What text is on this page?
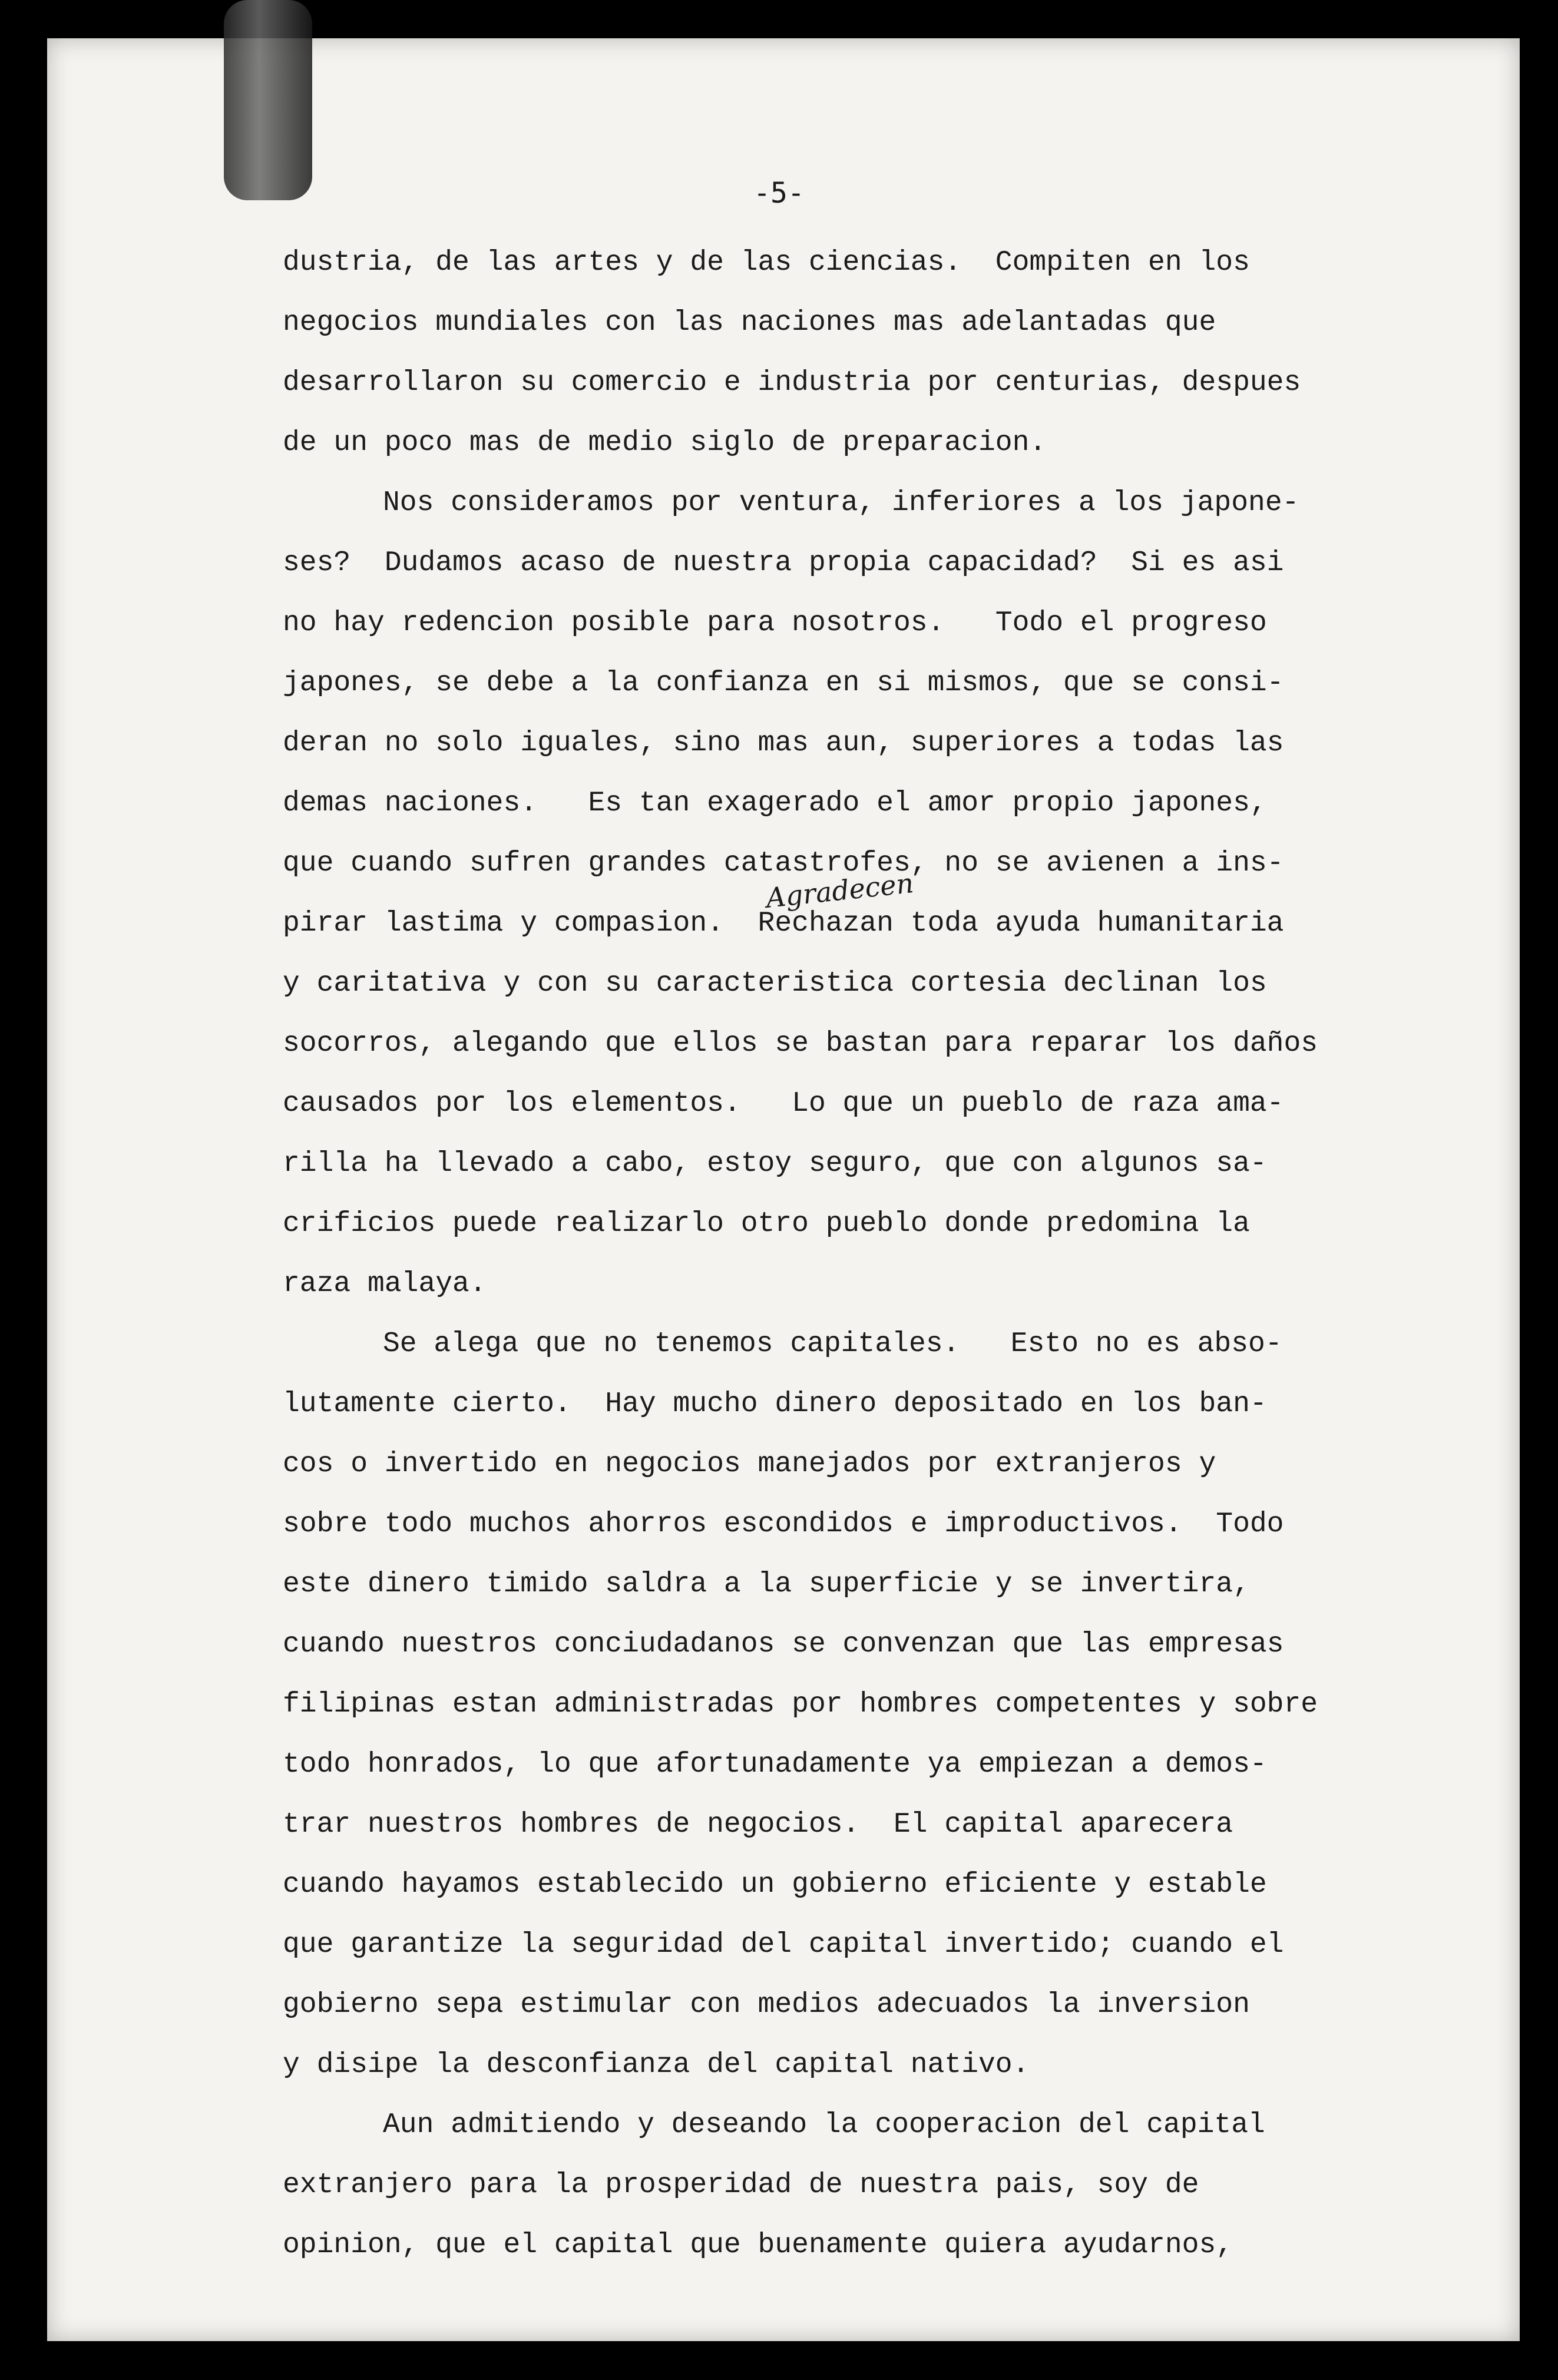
-5-
dustria, de las artes y de las ciencias.  Compiten en los
negocios mundiales con las naciones mas adelantadas que
desarrollaron su comercio e industria por centurias, despues
de un poco mas de medio siglo de preparacion.
Nos consideramos por ventura, inferiores a los japone-
ses?  Dudamos acaso de nuestra propia capacidad?  Si es asi
no hay redencion posible para nosotros.   Todo el progreso
japones, se debe a la confianza en si mismos, que se consi-
deran no solo iguales, sino mas aun, superiores a todas las
demas naciones.   Es tan exagerado el amor propio japones,
que cuando sufren grandes catastrofes, no se avienen a ins-
pirar lastima y compasion.  Rechazan toda ayuda humanitaria
y caritativa y con su caracteristica cortesia declinan los
socorros, alegando que ellos se bastan para reparar los daños
causados por los elementos.   Lo que un pueblo de raza ama-
rilla ha llevado a cabo, estoy seguro, que con algunos sa-
crificios puede realizarlo otro pueblo donde predomina la
raza malaya.
Se alega que no tenemos capitales.   Esto no es abso-
lutamente cierto.  Hay mucho dinero depositado en los ban-
cos o invertido en negocios manejados por extranjeros y
sobre todo muchos ahorros escondidos e improductivos.  Todo
este dinero timido saldra a la superficie y se invertira,
cuando nuestros conciudadanos se convenzan que las empresas
filipinas estan administradas por hombres competentes y sobre
todo honrados, lo que afortunadamente ya empiezan a demos-
trar nuestros hombres de negocios.  El capital aparecera
cuando hayamos establecido un gobierno eficiente y estable
que garantize la seguridad del capital invertido; cuando el
gobierno sepa estimular con medios adecuados la inversion
y disipe la desconfianza del capital nativo.
Aun admitiendo y deseando la cooperacion del capital
extranjero para la prosperidad de nuestra pais, soy de
opinion, que el capital que buenamente quiera ayudarnos,
Agradecen
